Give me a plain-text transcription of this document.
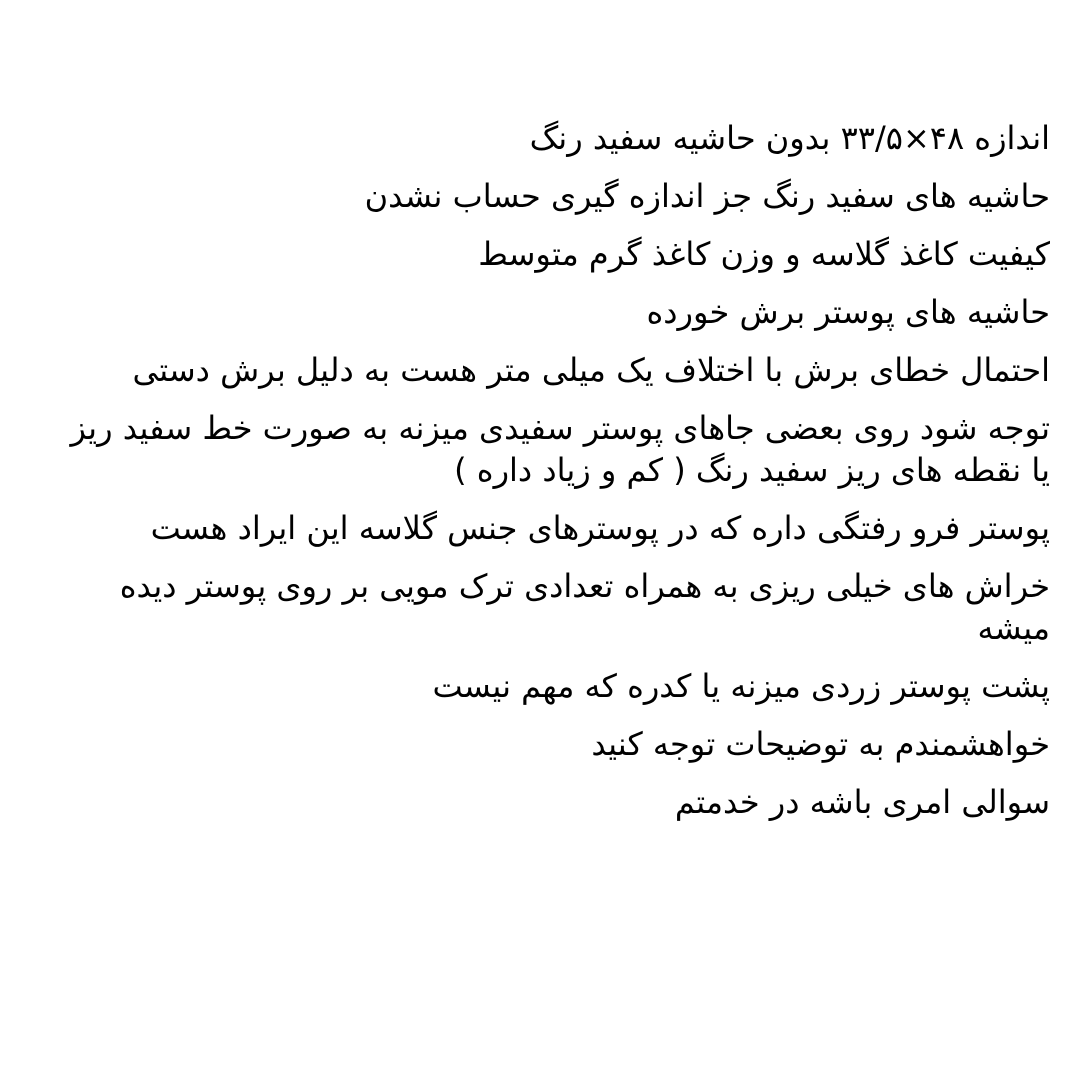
اندازه ۴۸×۳۳/۵ بدون حاشیه سفید رنگ
حاشیه های سفید رنگ جز اندازه گیری حساب نشدن
کیفیت کاغذ گلاسه و وزن کاغذ گرم متوسط
حاشیه های پوستر برش خورده
احتمال خطای برش با اختلاف یک میلی متر هست به دلیل برش دستی
توجه شود روی بعضی جاهای پوستر سفیدی میزنه به صورت خط سفید ریز یا نقطه های ریز سفید رنگ ( کم و زیاد داره )
پوستر فرو رفتگی داره که در پوسترهای جنس گلاسه این ایراد هست
خراش های خیلی ریزی به همراه تعدادی ترک مویی بر روی پوستر دیده میشه
پشت پوستر زردی میزنه یا کدره که مهم نیست
خواهشمندم به توضیحات توجه کنید
سوالی امری باشه در خدمتم
